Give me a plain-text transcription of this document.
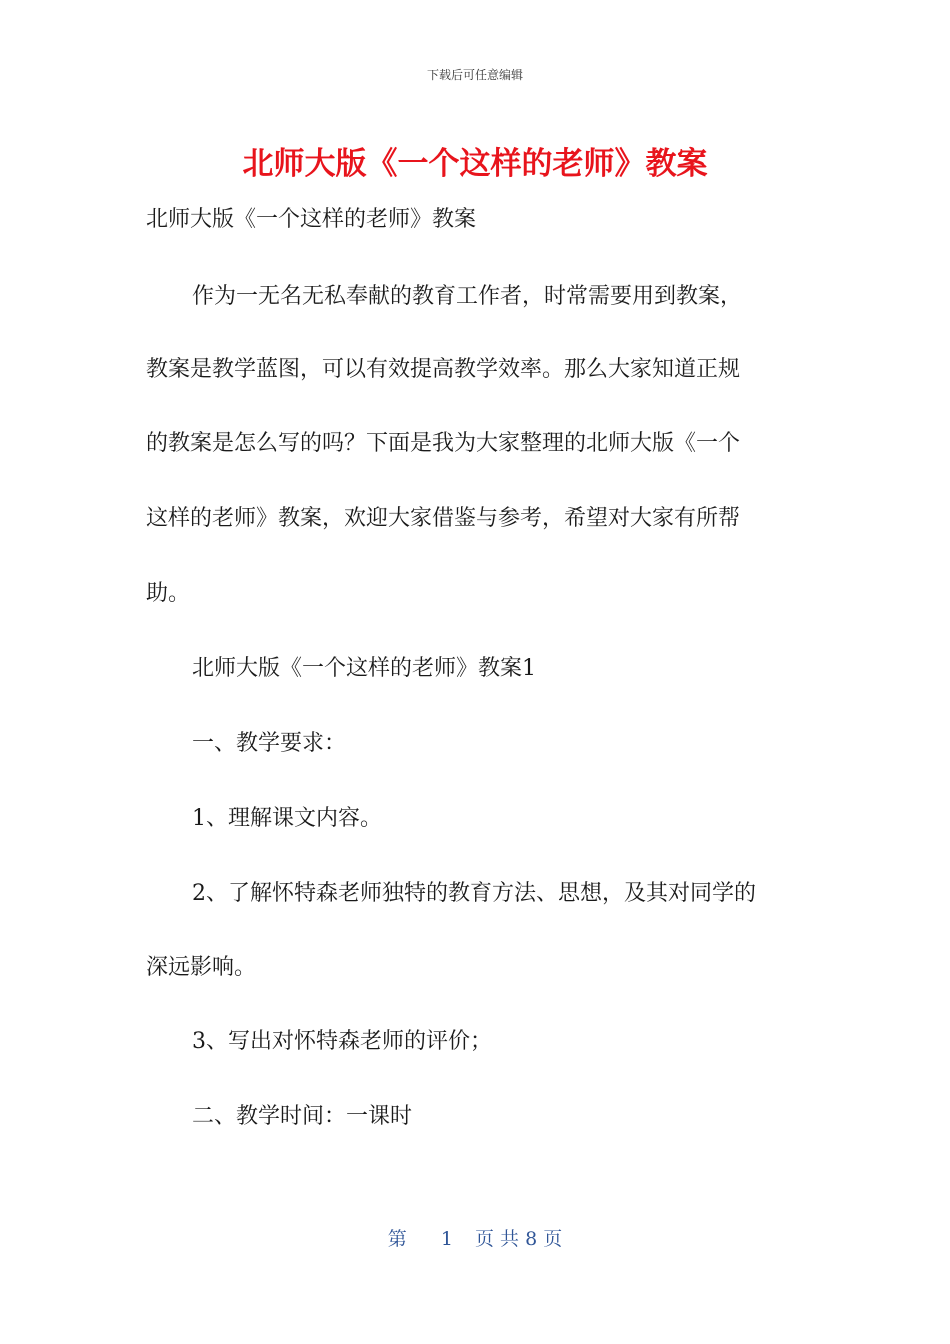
下载后可任意编辑
北师大版《一个这样的老师》教案
北师大版《一个这样的老师》教案
作为一无名无私奉献的教育工作者，时常需要用到教案，
教案是教学蓝图，可以有效提高教学效率。那么大家知道正规
的教案是怎么写的吗？下面是我为大家整理的北师大版《一个
这样的老师》教案，欢迎大家借鉴与参考，希望对大家有所帮
助。
北师大版《一个这样的老师》教案1
一、教学要求：
1、理解课文内容。
2、了解怀特森老师独特的教育方法、思想，及其对同学的
深远影响。
3、写出对怀特森老师的评价；
二、教学时间：一课时
第 1 页 共 8 页
